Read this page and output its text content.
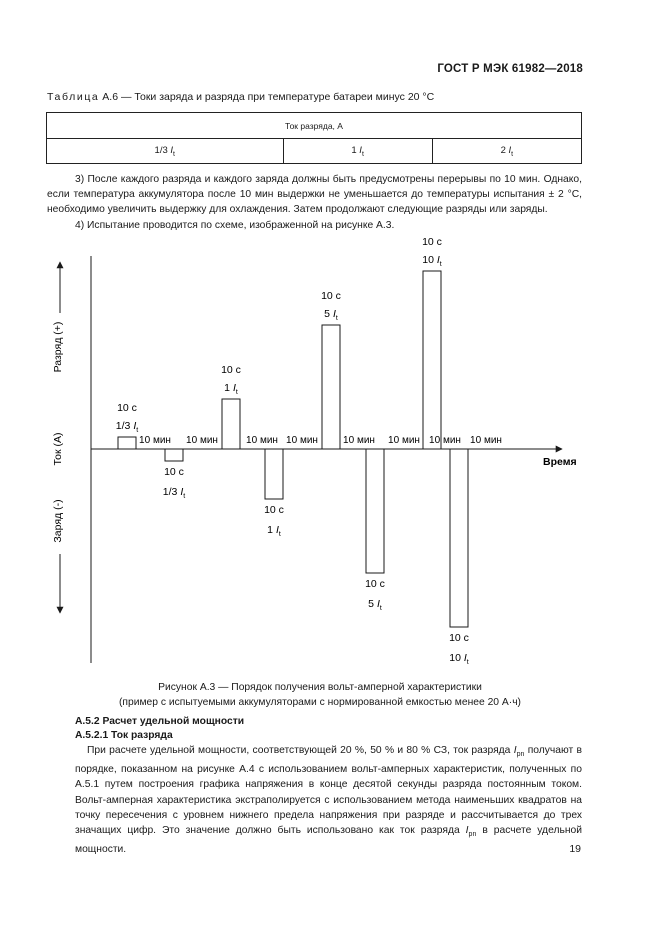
ГОСТ Р МЭК 61982—2018
Таблица A.6 — Токи заряда и разряда при температуре батареи минус 20 °С
Ток разряда, А
1/3 $I_t$	1 $I_t$	2 $I_t$

3) После каждого разряда и каждого заряда должны быть предусмотрены перерывы по 10 мин. Однако, если температура аккумулятора после 10 мин выдержки не уменьшается до температуры испытания ± 2 °С, необходимо увеличить выдержку для охлаждения. Затем продолжают следующие разряды или заряды.

4) Испытание проводится по схеме, изображенной на рисунке А.3.

Разряд (+)
Ток (А)
Заряд (-)
Время
10 с
1/3 $I_t$
10 с
1/3 $I_t$
10 с
1 $I_t$
10 с
1 $I_t$
10 с
5 $I_t$
10 с
5 $I_t$
10 с
10 $I_t$
10 с
10 $I_t$
10 мин 10 мин	10 мин 10 мин	10 мин 10 мин 10 мин 10 мин
Рисунок А.3 — Порядок получения вольт-амперной характеристики
(пример с испытуемыми аккумуляторами с нормированной емкостью менее 20 А·ч)
А.5.2 Расчет удельной мощности
А.5.2.1 Ток разряда

При расчете удельной мощности, соответствующей 20 %, 50 % и 80 % СЗ, ток разряда $I_{pn}$ получают в порядке, показанном на рисунке А.4 с использованием вольт-амперных характеристик, полученных по А.5.1 путем построения графика напряжения в конце десятой секунды разряда постоянным током. Вольт-амперная характеристика экстраполируется с использованием метода наименьших квадратов на точку пересечения с уровнем нижнего предела напряжения при разряде и рассчитывается до трех значащих цифр. Это значение должно быть использовано как ток разряда $I_{pn}$ в расчете удельной мощности.	19
